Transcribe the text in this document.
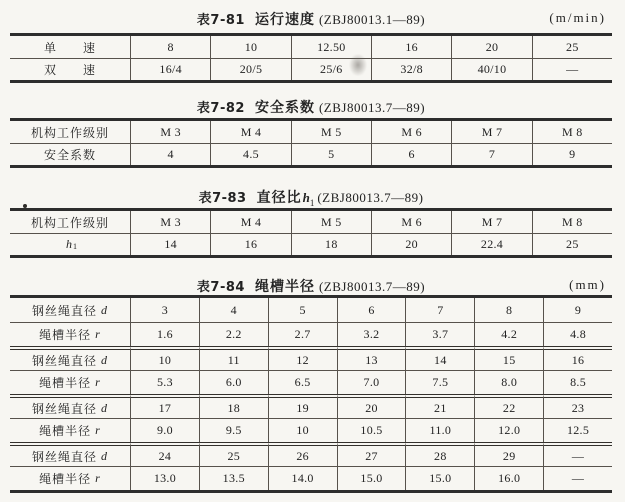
表7-81 运行速度 (ZBJ80013.1—89)	(m/min)
单　　速	8	10	12.50	16	20	25
双　　速	16/4	20/5	25/6	32/8	40/10	—
表7-82 安全系数 (ZBJ80013.7—89)
机构工作级别	M 3	M 4	M 5	M 6	M 7	M 8
安全系数	4	4.5	5	6	7	9
表7-83 直径比$h_1$ (ZBJ80013.7—89)
机构工作级别	M 3	M 4	M 5	M 6	M 7	M 8
h 1	14	16	18	20	22.4	25
表7-84 绳槽半径 (ZBJ80013.7—89)	(mm)
钢丝绳直径 d	3	4	5	6	7	8	9
绳槽半径 r	1.6	2.2	2.7	3.2	3.7	4.2	4.8
钢丝绳直径 d	10	11	12	13	14	15	16
绳槽半径 r	5.3	6.0	6.5	7.0	7.5	8.0	8.5
钢丝绳直径 d	17	18	19	20	21	22	23
绳槽半径 r	9.0	9.5	10	10.5	11.0	12.0	12.5
钢丝绳直径 d	24	25	26	27	28	29	—
绳槽半径 r	13.0	13.5	14.0	15.0	15.0	16.0	—
